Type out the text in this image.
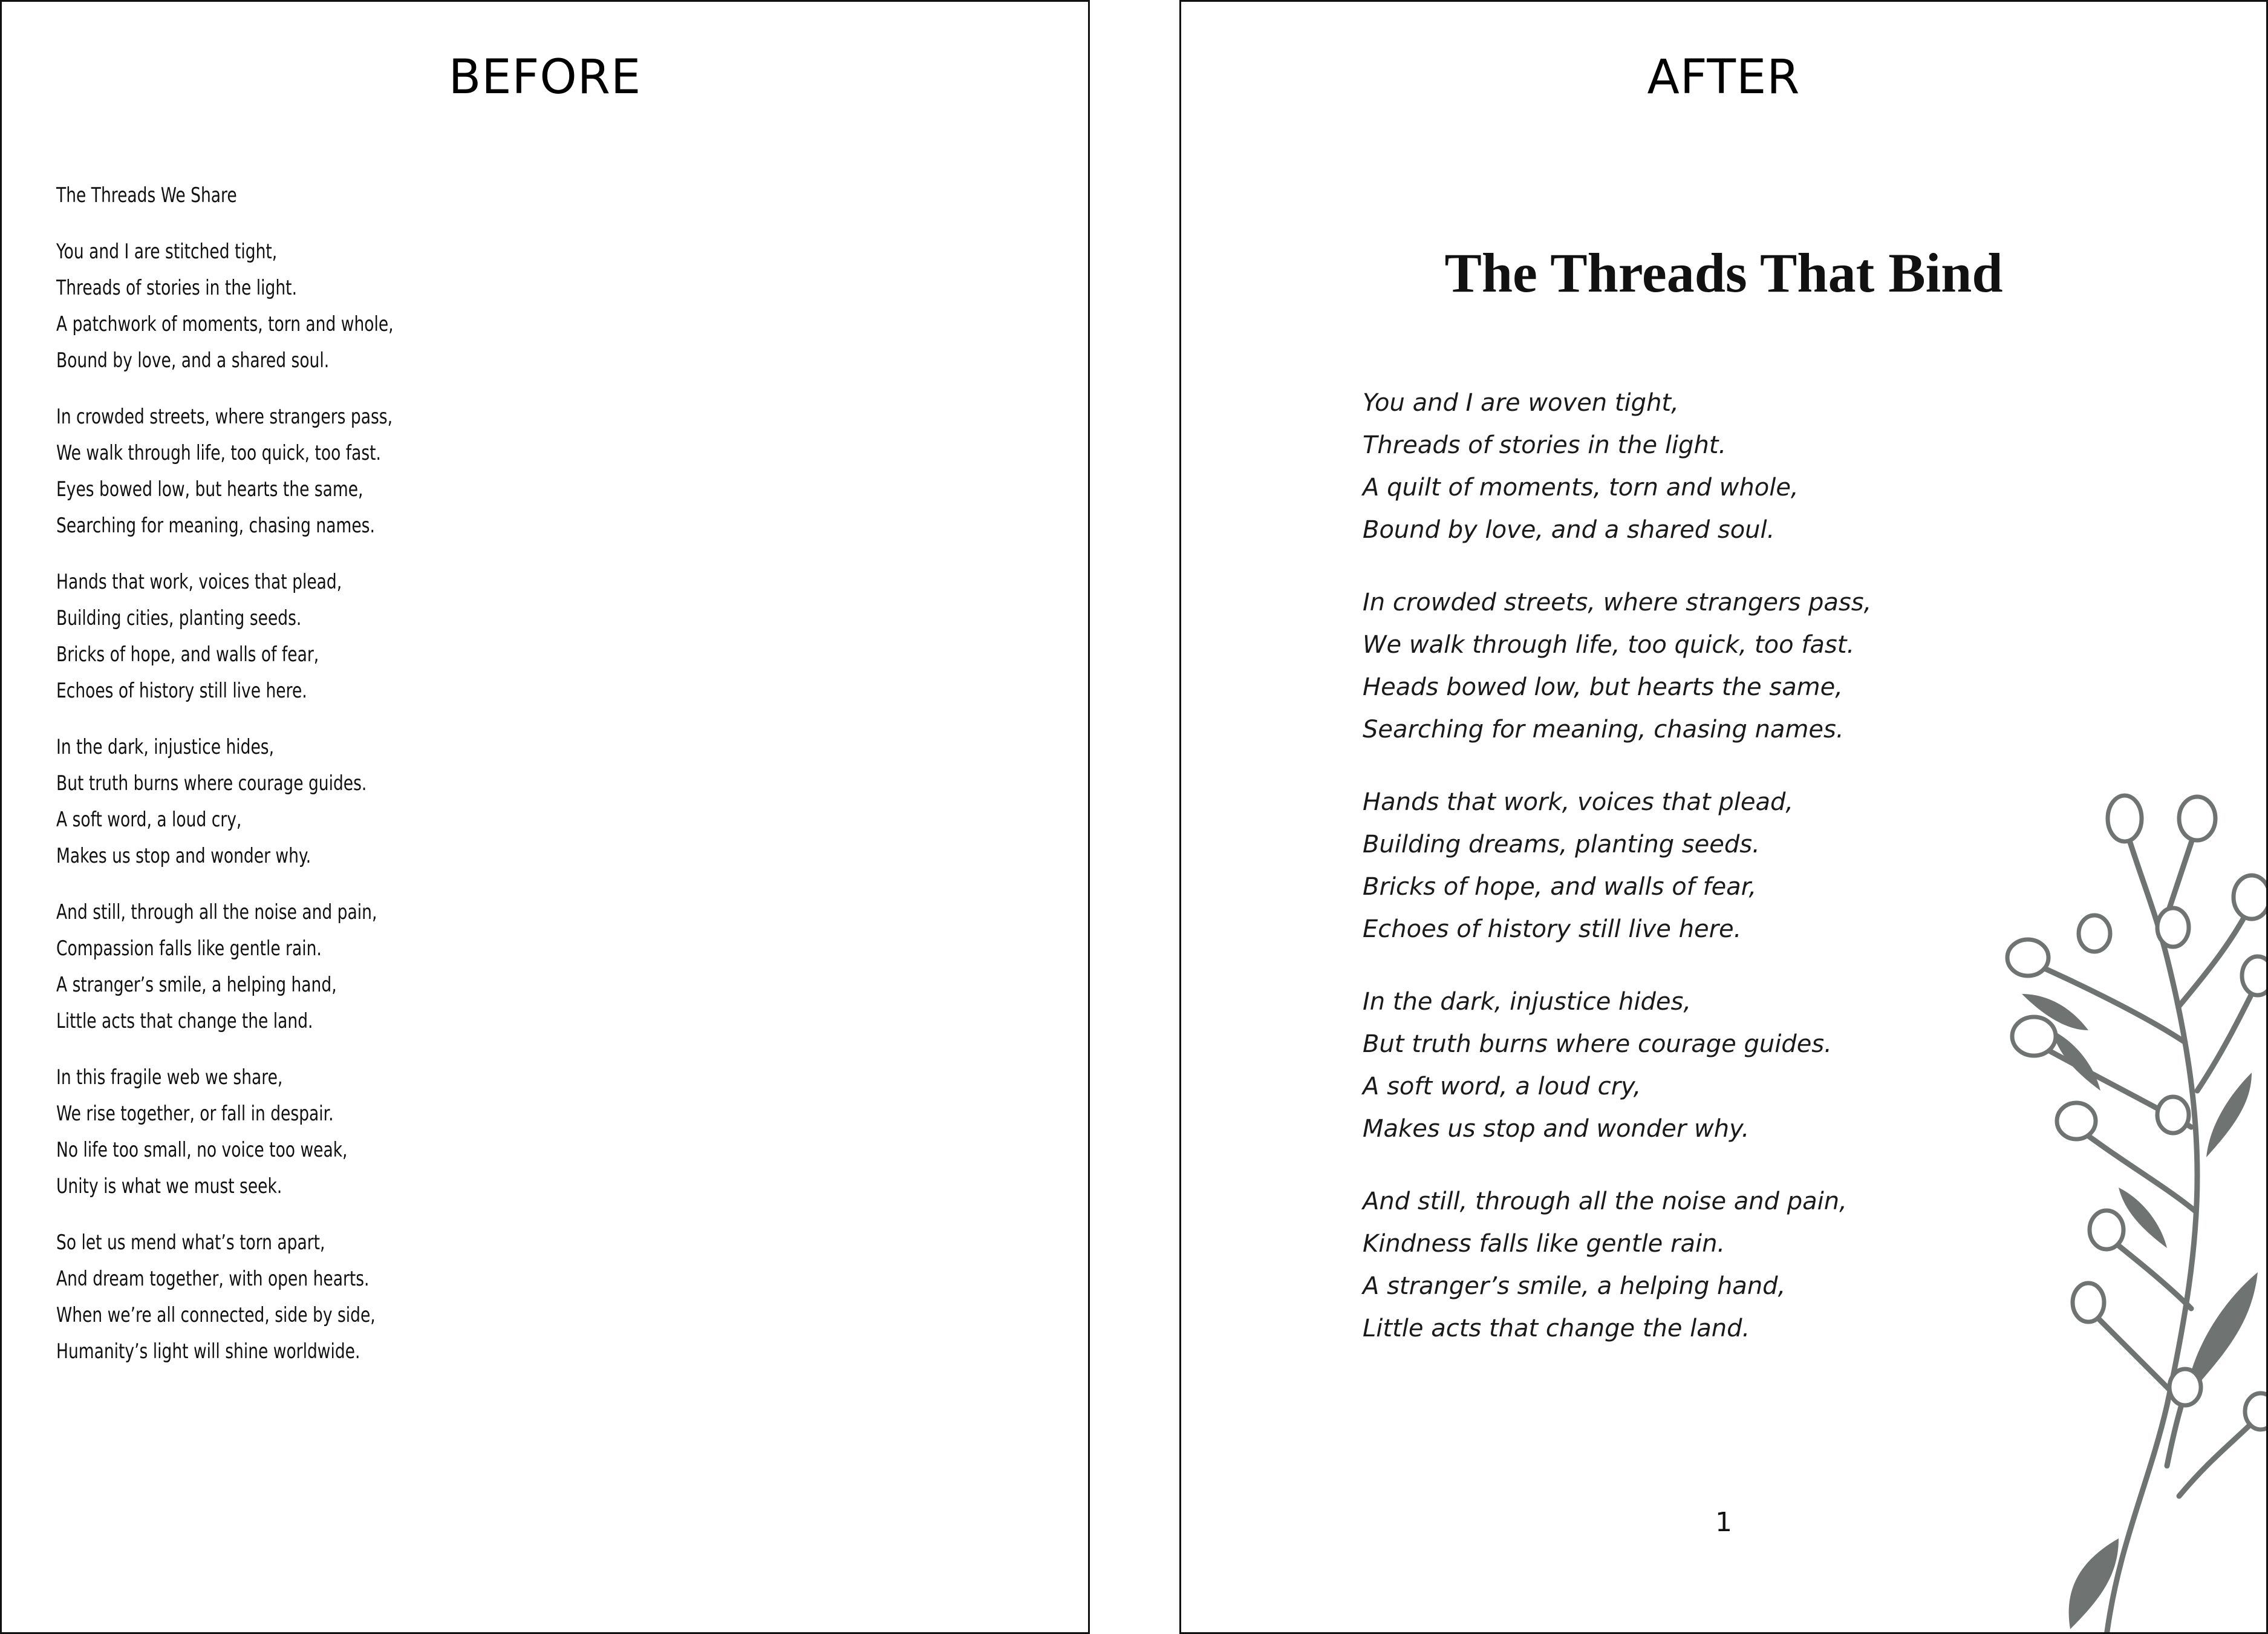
BEFORE
The Threads We Share
You and I are stitched tight,
Threads of stories in the light.
A patchwork of moments, torn and whole,
Bound by love, and a shared soul.
In crowded streets, where strangers pass,
We walk through life, too quick, too fast.
Eyes bowed low, but hearts the same,
Searching for meaning, chasing names.
Hands that work, voices that plead,
Building cities, planting seeds.
Bricks of hope, and walls of fear,
Echoes of history still live here.
In the dark, injustice hides,
But truth burns where courage guides.
A soft word, a loud cry,
Makes us stop and wonder why.
And still, through all the noise and pain,
Compassion falls like gentle rain.
A stranger’s smile, a helping hand,
Little acts that change the land.
In this fragile web we share,
We rise together, or fall in despair.
No life too small, no voice too weak,
Unity is what we must seek.
So let us mend what’s torn apart,
And dream together, with open hearts.
When we’re all connected, side by side,
Humanity’s light will shine worldwide.
AFTER
The Threads That Bind
You and I are woven tight,
Threads of stories in the light.
A quilt of moments, torn and whole,
Bound by love, and a shared soul.
In crowded streets, where strangers pass,
We walk through life, too quick, too fast.
Heads bowed low, but hearts the same,
Searching for meaning, chasing names.
Hands that work, voices that plead,
Building dreams, planting seeds.
Bricks of hope, and walls of fear,
Echoes of history still live here.
In the dark, injustice hides,
But truth burns where courage guides.
A soft word, a loud cry,
Makes us stop and wonder why.
And still, through all the noise and pain,
Kindness falls like gentle rain.
A stranger’s smile, a helping hand,
Little acts that change the land.
1
